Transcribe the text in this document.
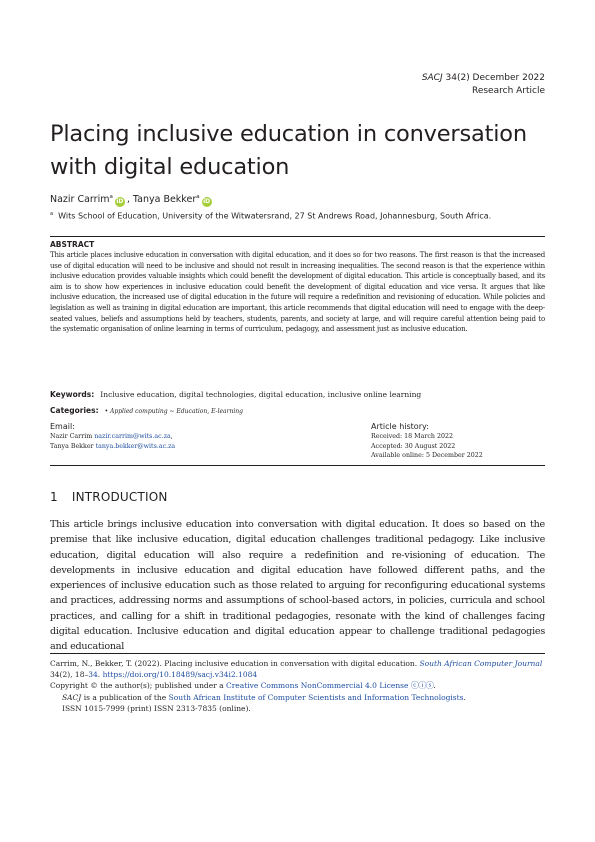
SACJ 34(2) December 2022
Research Article
Placing inclusive education in conversation with digital education
Nazir Carrim$^a$iD , Tanya Bekker$^a$iD
$^a$ Wits School of Education, University of the Witwatersrand, 27 St Andrews Road, Johannesburg, South Africa.
ABSTRACT

This article places inclusive education in conversation with digital education, and it does so for two reasons. The first reason is that the increased use of digital education will need to be inclusive and should not result in increasing inequalities. The second reason is that the experience within inclusive education provides valuable insights which could benefit the development of digital education. This article is conceptually based, and its aim is to show how experiences in inclusive education could benefit the development of digital education and vice versa. It argues that like inclusive education, the increased use of digital education in the future will require a redefinition and revisioning of education. While policies and legislation as well as training in digital education are important, this article recommends that digital education will need to engage with the deep-seated values, beliefs and assumptions held by teachers, students, parents, and society at large, and will require careful attention being paid to the systematic organisation of online learning in terms of curriculum, pedagogy, and assessment just as inclusive education.

Keywords: Inclusive education, digital technologies, digital education, inclusive online learning
Categories: • Applied computing ~ Education, E-learning
Email:
Nazir Carrim nazir.carrim@wits.ac.za,
Tanya Bekker tanya.bekker@wits.ac.za
Article history:
Received: 18 March 2022
Accepted: 30 August 2022
Available online: 5 December 2022
1 INTRODUCTION

This article brings inclusive education into conversation with digital education. It does so based on the premise that like inclusive education, digital education challenges traditional pedagogy. Like inclusive education, digital education will also require a redefinition and re-visioning of education. The developments in inclusive education and digital education have followed different paths, and the experiences of inclusive education such as those related to arguing for reconfiguring educational systems and practices, addressing norms and assumptions of school-based actors, in policies, curricula and school practices, and calling for a shift in traditional pedagogies, resonate with the kind of challenges facing digital education. Inclusive education and digital education appear to challenge traditional pedagogies and educational

Carrim, N., Bekker, T. (2022). Placing inclusive education in conversation with digital education. South African Computer Journal 34(2), 18–34. https://doi.org/10.18489/sacj.v34i2.1084
Copyright © the author(s); published under a Creative Commons NonCommercial 4.0 License ⓒⓘⓢ.
SACJ is a publication of the South African Institute of Computer Scientists and Information Technologists.
ISSN 1015-7999 (print) ISSN 2313-7835 (online).
